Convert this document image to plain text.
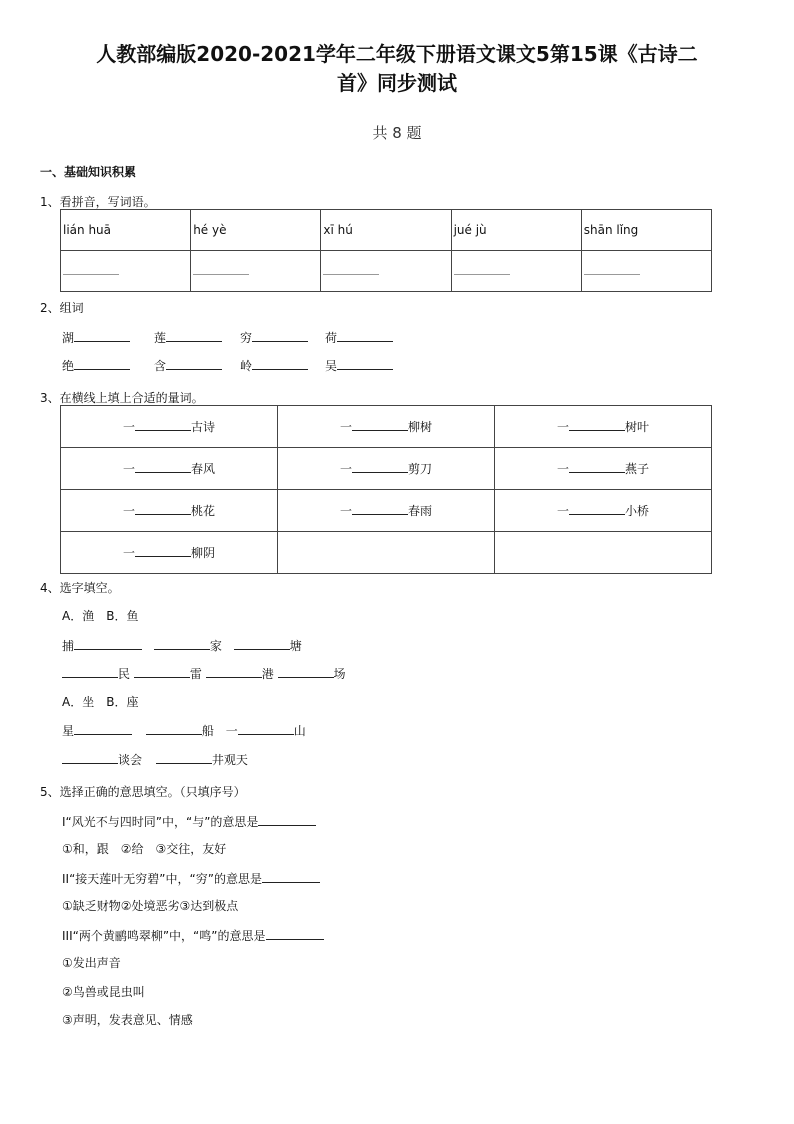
人教部编版2020-2021学年二年级下册语文课文5第15课《古诗二
首》同步测试
共 8 题
一、基础知识积累
1、看拼音，写词语。
lián huā	hé yè	xī hú	jué jù	shān lǐng

2、组词
湖	莲	穷	荷
绝	含	岭	吴
3、在横线上填上合适的量词。
一 古诗	一 柳树	一 树叶
一 春风	一 剪刀	一 燕子
一 桃花	一 春雨	一 小桥
一 柳阴		
4、选字填空。
A．渔　B．鱼
捕	家	塘
民	雷	港	场
A．坐　B．座
星	船 一	山
谈会	井观天
5、选择正确的意思填空。（只填序号）
I“风光不与四时同”中，“与”的意思是
①和，跟　②给　③交往，友好
II“接天莲叶无穷碧”中，“穷”的意思是
①缺乏财物②处境恶劣③达到极点
III“两个黄鹂鸣翠柳”中，“鸣”的意思是
①发出声音
②鸟兽或昆虫叫
③声明，发表意见、情感
